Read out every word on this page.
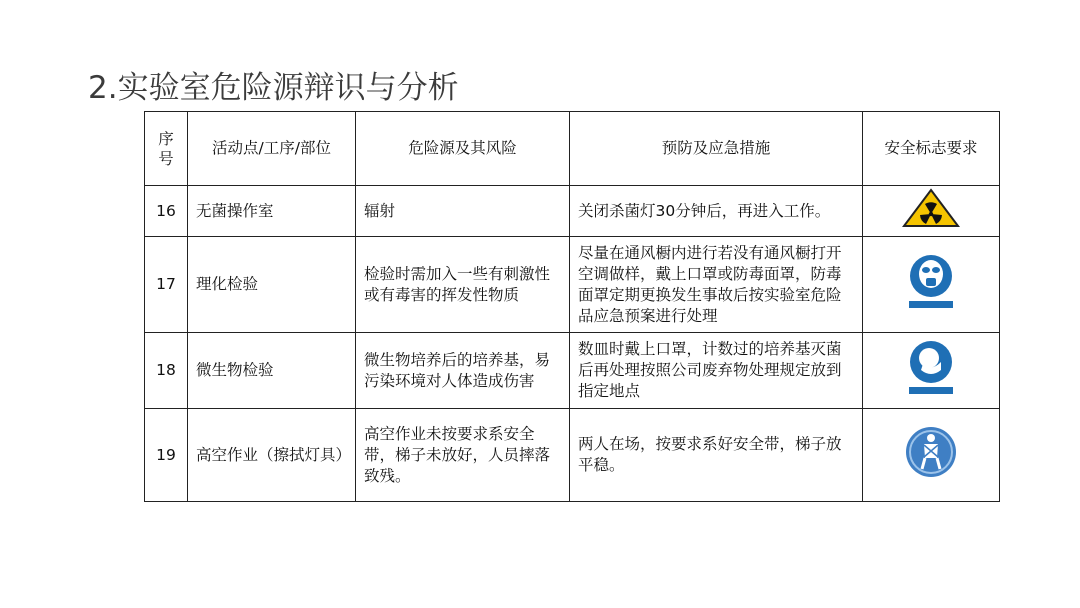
2.实验室危险源辩识与分析
序
号	活动点/工序/部位	危险源及其风险	预防及应急措施	安全标志要求
16	无菌操作室	辐射	关闭杀菌灯30分钟后，再进入工作。	
17	理化检验	检验时需加入一些有刺激性或有毒害的挥发性物质	尽量在通风橱内进行若没有通风橱打开空调做样，戴上口罩或防毒面罩，防毒面罩定期更换发生事故后按实验室危险品应急预案进行处理	
18	微生物检验	微生物培养后的培养基，易污染环境对人体造成伤害	数皿时戴上口罩，计数过的培养基灭菌后再处理按照公司废弃物处理规定放到指定地点	
19	高空作业（擦拭灯具）	高空作业未按要求系安全带，梯子未放好，人员摔落致残。	两人在场，按要求系好安全带，梯子放平稳。	
